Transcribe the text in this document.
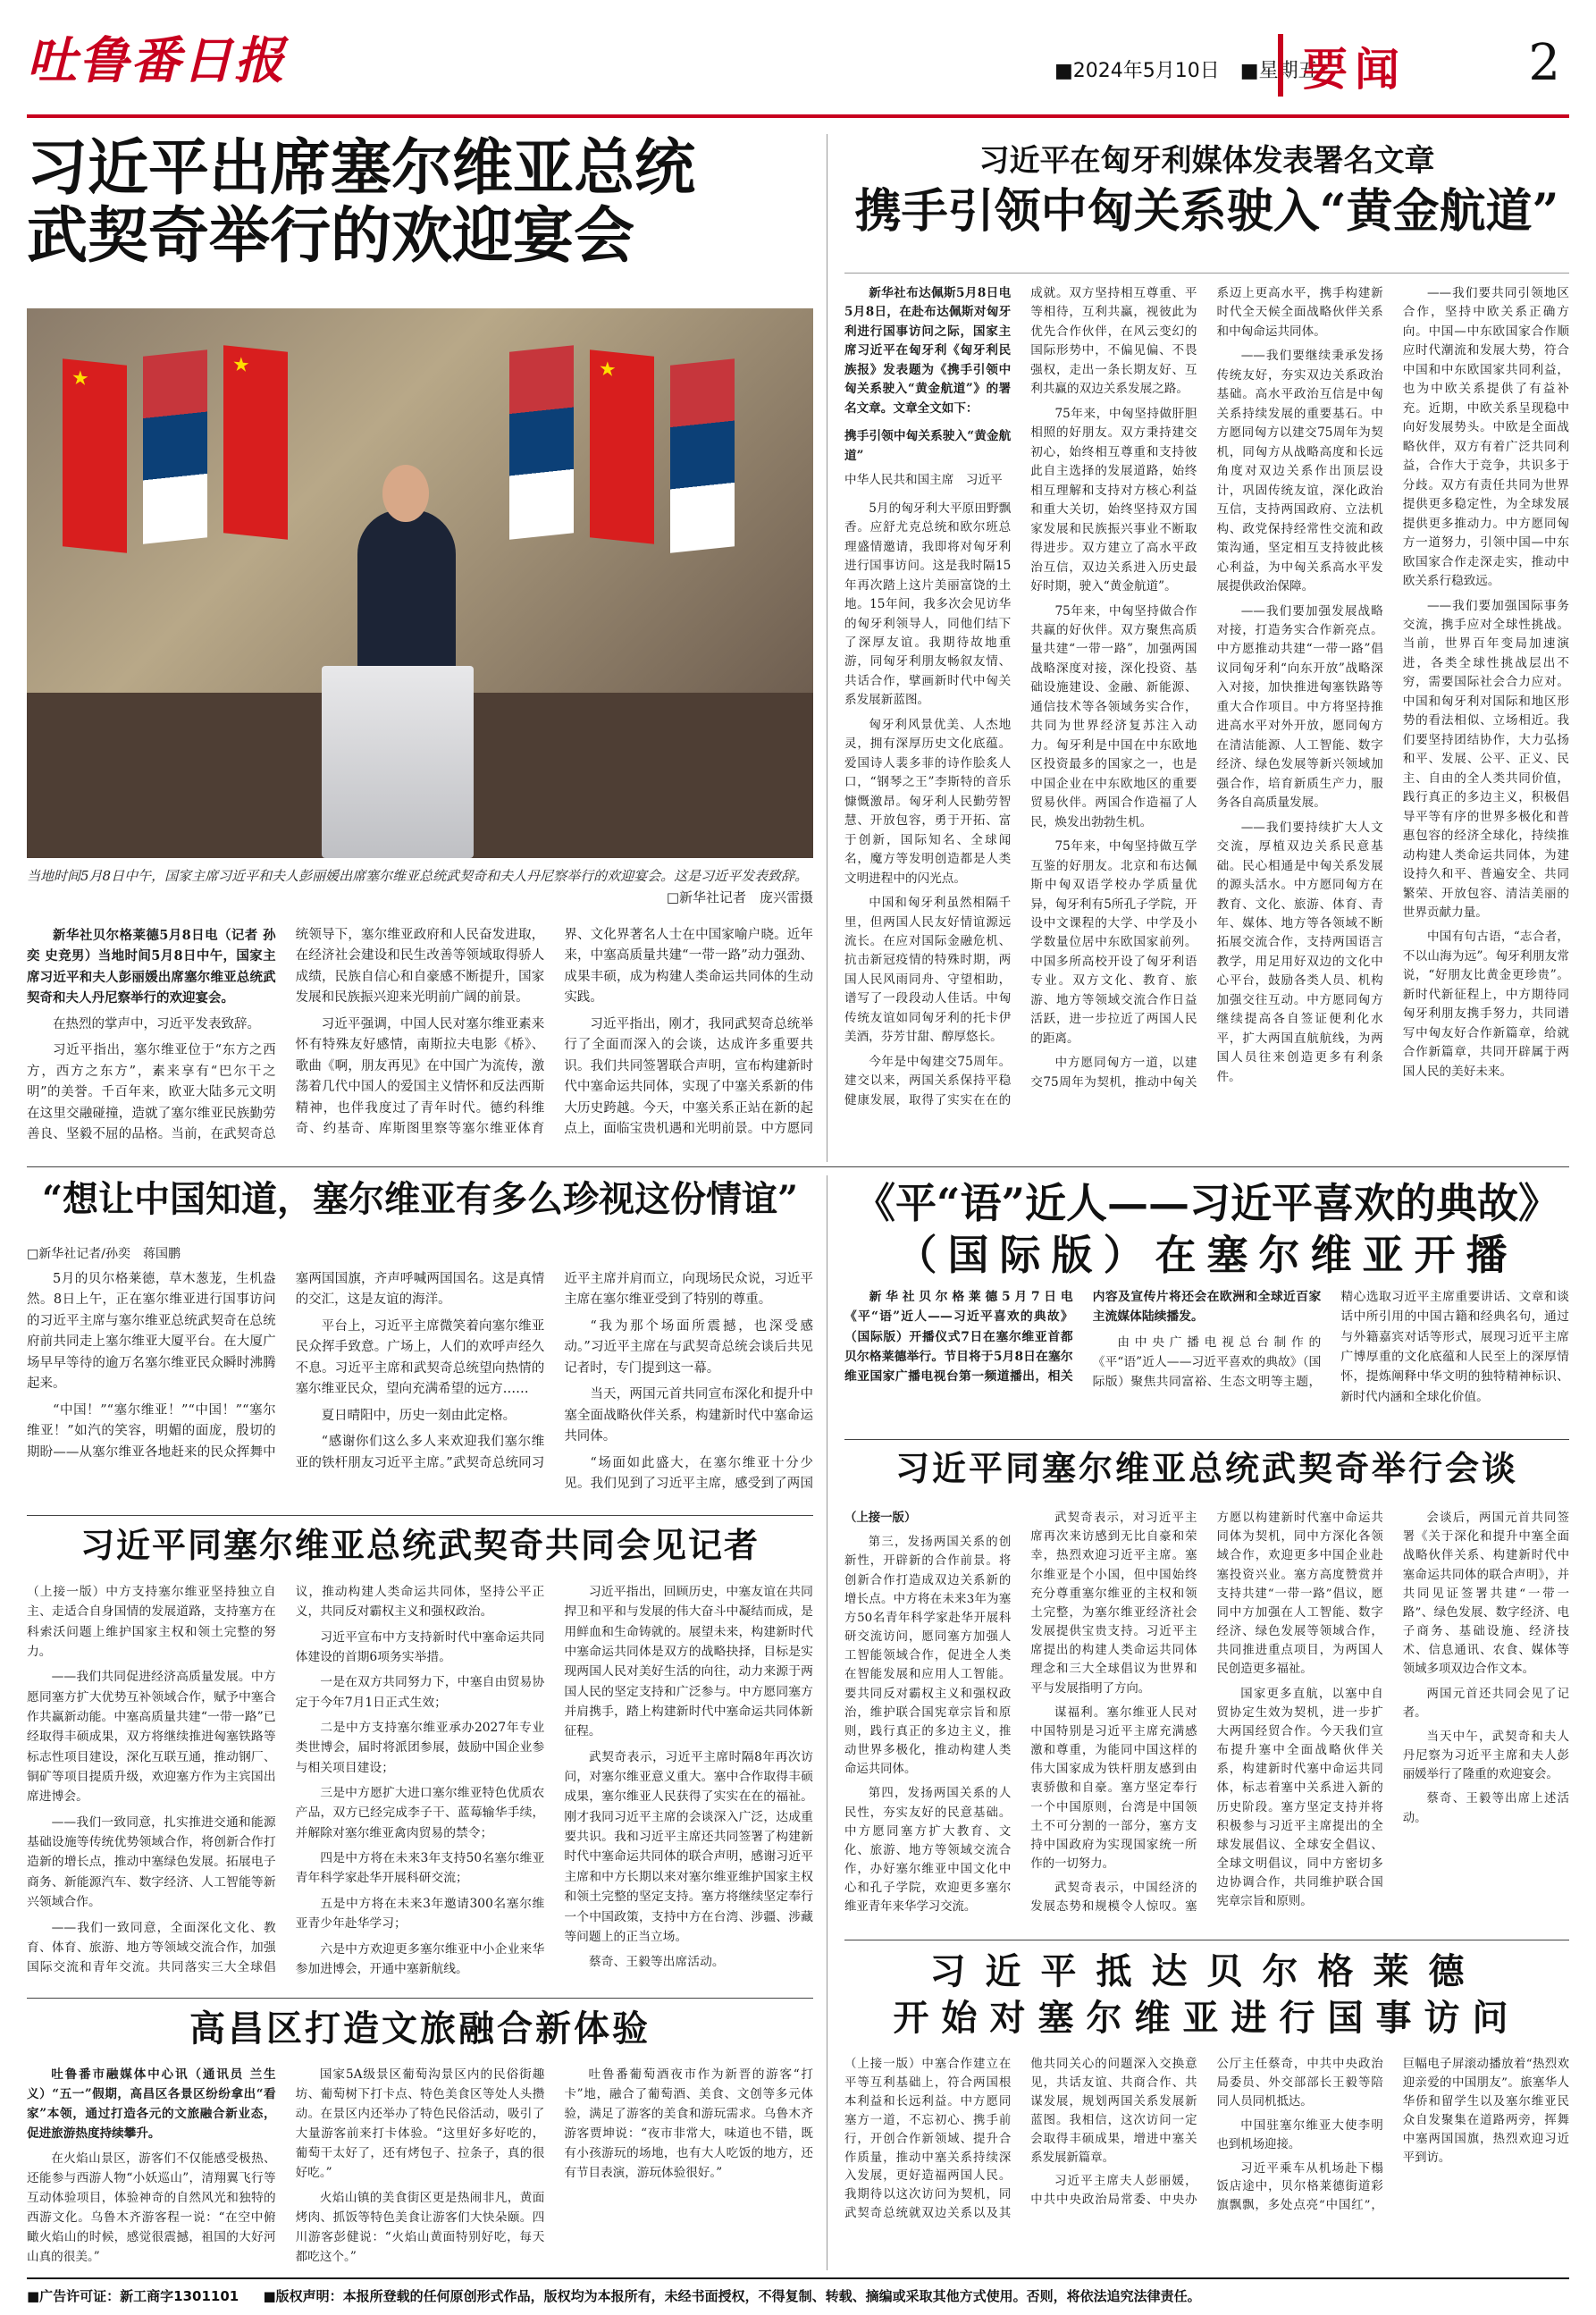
吐鲁番日报	■2024年5月10日 ■星期五
要闻 2
习近平出席塞尔维亚总统
武契奇举行的欢迎宴会
★
★	★
当地时间5月8日中午，国家主席习近平和夫人彭丽媛出席塞尔维亚总统武契奇和夫人丹尼察举行的欢迎宴会。这是习近平发表致辞。
□新华社记者　庞兴雷摄

新华社贝尔格莱德5月8日电（记者 孙奕 史竞男）当地时间5月8日中午，国家主席习近平和夫人彭丽媛出席塞尔维亚总统武契奇和夫人丹尼察举行的欢迎宴会。

在热烈的掌声中，习近平发表致辞。

习近平指出，塞尔维亚位于“东方之西方，西方之东方”，素来享有“巴尔干之明”的美誉。千百年来，欧亚大陆多元文明在这里交融碰撞，造就了塞尔维亚民族勤劳善良、坚毅不屈的品格。当前，在武契奇总统领导下，塞尔维亚政府和人民奋发进取，在经济社会建设和民生改善等领域取得骄人成绩，民族自信心和自豪感不断提升，国家发展和民族振兴迎来光明前广阔的前景。

习近平强调，中国人民对塞尔维亚素来怀有特殊友好感情，南斯拉夫电影《桥》、歌曲《啊，朋友再见》在中国广为流传，激荡着几代中国人的爱国主义情怀和反法西斯精神，也伴我度过了青年时代。德约科维奇、约基奇、库斯图里察等塞尔维亚体育界、文化界著名人士在中国家喻户晓。近年来，中塞高质量共建“一带一路”动力强劲、成果丰硕，成为构建人类命运共同体的生动实践。

习近平指出，刚才，我同武契奇总统举行了全面而深入的会谈，达成许多重要共识。我们共同签署联合声明，宣布构建新时代中塞命运共同体，实现了中塞关系新的伟大历史跨越。今天，中塞关系正站在新的起点上，面临宝贵机遇和光明前景。中方愿同

习近平在匈牙利媒体发表署名文章
携手引领中匈关系驶入“黄金航道”

新华社布达佩斯5月8日电　5月8日，在赴布达佩斯对匈牙利进行国事访问之际，国家主席习近平在匈牙利《匈牙利民族报》发表题为《携手引领中匈关系驶入“黄金航道”》的署名文章。文章全文如下：

携手引领中匈关系驶入“黄金航道”

中华人民共和国主席　习近平

5月的匈牙利大平原田野飘香。应舒尤克总统和欧尔班总理盛情邀请，我即将对匈牙利进行国事访问。这是我时隔15年再次踏上这片美丽富饶的土地。15年间，我多次会见访华的匈牙利领导人，同他们结下了深厚友谊。我期待故地重游，同匈牙利朋友畅叙友情、共话合作，擘画新时代中匈关系发展新蓝图。

匈牙利风景优美、人杰地灵，拥有深厚历史文化底蕴。爱国诗人裴多菲的诗作脍炙人口，“钢琴之王”李斯特的音乐慷慨激昂。匈牙利人民勤劳智慧、开放包容，勇于开拓、富于创新，国际知名、全球闻名，魔方等发明创造都是人类文明进程中的闪光点。

中国和匈牙利虽然相隔千里，但两国人民友好情谊源远流长。在应对国际金融危机、抗击新冠疫情的特殊时期，两国人民风雨同舟、守望相助，谱写了一段段动人佳话。中匈传统友谊如同匈牙利的托卡伊美酒，芬芳甘甜、醇厚悠长。

今年是中匈建交75周年。建交以来，两国关系保持平稳健康发展，取得了实实在在的成就。双方坚持相互尊重、平等相待，互利共赢，视彼此为优先合作伙伴，在风云变幻的国际形势中，不偏见偏、不畏强权，走出一条长期友好、互利共赢的双边关系发展之路。

75年来，中匈坚持做肝胆相照的好朋友。双方秉持建交初心，始终相互尊重和支持彼此自主选择的发展道路，始终相互理解和支持对方核心利益和重大关切，始终坚持双方国家发展和民族振兴事业不断取得进步。双方建立了高水平政治互信，双边关系进入历史最好时期，驶入“黄金航道”。

75年来，中匈坚持做合作共赢的好伙伴。双方聚焦高质量共建“一带一路”，加强两国战略深度对接，深化投资、基础设施建设、金融、新能源、通信技术等各领域务实合作，共同为世界经济复苏注入动力。匈牙利是中国在中东欧地区投资最多的国家之一，也是中国企业在中东欧地区的重要贸易伙伴。两国合作造福了人民，焕发出勃勃生机。

75年来，中匈坚持做互学互鉴的好朋友。北京和布达佩斯中匈双语学校办学质量优异，匈牙利有5所孔子学院，开设中文课程的大学、中学及小学数量位居中东欧国家前列。中国多所高校开设了匈牙利语专业。双方文化、教育、旅游、地方等领域交流合作日益活跃，进一步拉近了两国人民的距离。

中方愿同匈方一道，以建交75周年为契机，推动中匈关系迈上更高水平，携手构建新时代全天候全面战略伙伴关系和中匈命运共同体。

——我们要继续秉承发扬传统友好，夯实双边关系政治基础。高水平政治互信是中匈关系持续发展的重要基石。中方愿同匈方以建交75周年为契机，同匈方从战略高度和长远角度对双边关系作出顶层设计，巩固传统友谊，深化政治互信，支持两国政府、立法机构、政党保持经常性交流和政策沟通，坚定相互支持彼此核心利益，为中匈关系高水平发展提供政治保障。

——我们要加强发展战略对接，打造务实合作新亮点。中方愿推动共建“一带一路”倡议同匈牙利“向东开放”战略深入对接，加快推进匈塞铁路等重大合作项目。中方将坚持推进高水平对外开放，愿同匈方在清洁能源、人工智能、数字经济、绿色发展等新兴领域加强合作，培育新质生产力，服务各自高质量发展。

——我们要持续扩大人文交流，厚植双边关系民意基础。民心相通是中匈关系发展的源头活水。中方愿同匈方在教育、文化、旅游、体育、青年、媒体、地方等各领域不断拓展交流合作，支持两国语言教学，用足用好双边的文化中心平台，鼓励各类人员、机构加强交往互动。中方愿同匈方继续提高各自签证便利化水平，扩大两国直航航线，为两国人员往来创造更多有利条件。

——我们要共同引领地区合作，坚持中欧关系正确方向。中国—中东欧国家合作顺应时代潮流和发展大势，符合中国和中东欧国家共同利益，也为中欧关系提供了有益补充。近期，中欧关系呈现稳中向好发展势头。中欧是全面战略伙伴，双方有着广泛共同利益，合作大于竞争，共识多于分歧。双方有责任共同为世界提供更多稳定性，为全球发展提供更多推动力。中方愿同匈方一道努力，引领中国—中东欧国家合作走深走实，推动中欧关系行稳致远。

——我们要加强国际事务交流，携手应对全球性挑战。当前，世界百年变局加速演进，各类全球性挑战层出不穷，需要国际社会合力应对。中国和匈牙利对国际和地区形势的看法相似、立场相近。我们要坚持团结协作，大力弘扬和平、发展、公平、正义、民主、自由的全人类共同价值，践行真正的多边主义，积极倡导平等有序的世界多极化和普惠包容的经济全球化，持续推动构建人类命运共同体，为建设持久和平、普遍安全、共同繁荣、开放包容、清洁美丽的世界贡献力量。

中国有句古语，“志合者，不以山海为远”。匈牙利朋友常说，“好朋友比黄金更珍贵”。新时代新征程上，中方期待同匈牙利朋友携手努力，共同谱写中匈友好合作新篇章，给就合作新篇章，共同开辟属于两国人民的美好未来。

“想让中国知道，塞尔维亚有多么珍视这份情谊”
□新华社记者/孙奕　蒋国鹏

5月的贝尔格莱德，草木葱茏，生机盎然。8日上午，正在塞尔维亚进行国事访问的习近平主席与塞尔维亚总统武契奇在总统府前共同走上塞尔维亚大厦平台。在大厦广场早早等待的逾万名塞尔维亚民众瞬时沸腾起来。

“中国！”“塞尔维亚！”“中国！”“塞尔维亚！”如汽的笑容，明媚的面庞，殷切的期盼——从塞尔维亚各地赶来的民众挥舞中塞两国国旗，齐声呼喊两国国名。这是真情的交汇，这是友谊的海洋。

平台上，习近平主席微笑着向塞尔维亚民众挥手致意。广场上，人们的欢呼声经久不息。习近平主席和武契奇总统望向热情的塞尔维亚民众，望向充满希望的远方……

夏日晴阳中，历史一刻由此定格。

“感谢你们这么多人来欢迎我们塞尔维亚的铁杆朋友习近平主席。”武契奇总统同习近平主席并肩而立，向现场民众说，习近平主席在塞尔维亚受到了特别的尊重。

“我为那个场面所震撼，也深受感动。”习近平主席在与武契奇总统会谈后共见记者时，专门提到这一幕。

当天，两国元首共同宣布深化和提升中塞全面战略伙伴关系，构建新时代中塞命运共同体。

“场面如此盛大，在塞尔维亚十分少见。我们见到了习近平主席，感受到了两国

《平“语”近人——习近平喜欢的典故》
（国际版）在塞尔维亚开播

新华社贝尔格莱德5月7日电　《平“语”近人——习近平喜欢的典故》（国际版）开播仪式7日在塞尔维亚首都贝尔格莱德举行。节目将于5月8日在塞尔维亚国家广播电视台第一频道播出，相关内容及宣传片将还会在欧洲和全球近百家主流媒体陆续播发。

由中央广播电视总台制作的《平“语”近人——习近平喜欢的典故》（国际版）聚焦共同富裕、生态文明等主题，精心选取习近平主席重要讲话、文章和谈话中所引用的中国古籍和经典名句，通过与外籍嘉宾对话等形式，展现习近平主席广博厚重的文化底蕴和人民至上的深厚情怀，提炼阐释中华文明的独特精神标识、新时代内涵和全球化价值。

习近平同塞尔维亚总统武契奇共同会见记者

（上接一版）中方支持塞尔维亚坚持独立自主、走适合自身国情的发展道路，支持塞方在科索沃问题上维护国家主权和领土完整的努力。

——我们共同促进经济高质量发展。中方愿同塞方扩大优势互补领域合作，赋予中塞合作共赢新动能。中塞高质量共建“一带一路”已经取得丰硕成果，双方将继续推进匈塞铁路等标志性项目建设，深化互联互通，推动钢厂、铜矿等项目提质升级，欢迎塞方作为主宾国出席进博会。

——我们一致同意，扎实推进交通和能源基础设施等传统优势领域合作，将创新合作打造新的增长点，推动中塞绿色发展。拓展电子商务、新能源汽车、数字经济、人工智能等新兴领域合作。

——我们一致同意，全面深化文化、教育、体育、旅游、地方等领域交流合作，加强国际交流和青年交流。共同落实三大全球倡议，推动构建人类命运共同体，坚持公平正义，共同反对霸权主义和强权政治。

习近平宣布中方支持新时代中塞命运共同体建设的首期6项务实举措。

一是在双方共同努力下，中塞自由贸易协定于今年7月1日正式生效；

二是中方支持塞尔维亚承办2027年专业类世博会，届时将派团参展，鼓励中国企业参与相关项目建设；

三是中方愿扩大进口塞尔维亚特色优质农产品，双方已经完成李子干、蓝莓输华手续，并解除对塞尔维亚禽肉贸易的禁令；

四是中方将在未来3年支持50名塞尔维亚青年科学家赴华开展科研交流；

五是中方将在未来3年邀请300名塞尔维亚青少年赴华学习；

六是中方欢迎更多塞尔维亚中小企业来华参加进博会，开通中塞新航线。

习近平指出，回顾历史，中塞友谊在共同捍卫和平和与发展的伟大奋斗中凝结而成，是用鲜血和生命铸就的。展望未来，构建新时代中塞命运共同体是双方的战略抉择，目标是实现两国人民对美好生活的向往，动力来源于两国人民的坚定支持和广泛参与。中方愿同塞方并肩携手，踏上构建新时代中塞命运共同体新征程。

武契奇表示，习近平主席时隔8年再次访问，对塞尔维亚意义重大。塞中合作取得丰硕成果，塞尔维亚人民获得了实实在在的福祉。刚才我同习近平主席的会谈深入广泛，达成重要共识。我和习近平主席还共同签署了构建新时代中塞命运共同体的联合声明，感谢习近平主席和中方长期以来对塞尔维亚维护国家主权和领土完整的坚定支持。塞方将继续坚定奉行一个中国政策，支持中方在台湾、涉疆、涉藏等问题上的正当立场。

蔡奇、王毅等出席活动。

习近平同塞尔维亚总统武契奇举行会谈

（上接一版）

第三，发扬两国关系的创新性，开辟新的合作前景。将创新合作打造成双边关系新的增长点。中方将在未来3年为塞方50名青年科学家赴华开展科研交流访问，愿同塞方加强人工智能领域合作，促进全人类在智能发展和应用人工智能。要共同反对霸权主义和强权政治，维护联合国宪章宗旨和原则，践行真正的多边主义，推动世界多极化，推动构建人类命运共同体。

第四，发扬两国关系的人民性，夯实友好的民意基础。中方愿同塞方扩大教育、文化、旅游、地方等领域交流合作，办好塞尔维亚中国文化中心和孔子学院，欢迎更多塞尔维亚青年来华学习交流。

武契奇表示，对习近平主席再次来访感到无比自豪和荣幸，热烈欢迎习近平主席。塞尔维亚是个小国，但中国始终充分尊重塞尔维亚的主权和领土完整，为塞尔维亚经济社会发展提供宝贵支持。习近平主席提出的构建人类命运共同体理念和三大全球倡议为世界和平与发展指明了方向。

谋福利。塞尔维亚人民对中国特别是习近平主席充满感激和尊重，为能同中国这样的伟大国家成为铁杆朋友感到由衷骄傲和自豪。塞方坚定奉行一个中国原则，台湾是中国领土不可分割的一部分，塞方支持中国政府为实现国家统一所作的一切努力。

武契奇表示，中国经济的发展态势和规模令人惊叹。塞方愿以构建新时代塞中命运共同体为契机，同中方深化各领域合作，欢迎更多中国企业赴塞投资兴业。塞方高度赞赏并支持共建“一带一路”倡议，愿同中方加强在人工智能、数字经济、绿色发展等领域合作，共同推进重点项目，为两国人民创造更多福祉。

国家更多直航，以塞中自贸协定生效为契机，进一步扩大两国经贸合作。今天我们宣布提升塞中全面战略伙伴关系，构建新时代塞中命运共同体，标志着塞中关系进入新的历史阶段。塞方坚定支持并将积极参与习近平主席提出的全球发展倡议、全球安全倡议、全球文明倡议，同中方密切多边协调合作，共同维护联合国宪章宗旨和原则。

会谈后，两国元首共同签署《关于深化和提升中塞全面战略伙伴关系、构建新时代中塞命运共同体的联合声明》，并共同见证签署共建“一带一路”、绿色发展、数字经济、电子商务、基础设施、经济技术、信息通讯、农食、媒体等领域多项双边合作文本。

两国元首还共同会见了记者。

当天中午，武契奇和夫人丹尼察为习近平主席和夫人彭丽媛举行了隆重的欢迎宴会。

蔡奇、王毅等出席上述活动。

习近平抵达贝尔格莱德
开始对塞尔维亚进行国事访问

（上接一版）中塞合作建立在平等互利基础上，符合两国根本利益和长远利益。中方愿同塞方一道，不忘初心、携手前行，开创合作新领域、提升合作质量，推动中塞关系持续深入发展，更好造福两国人民。我期待以这次访问为契机，同武契奇总统就双边关系以及其他共同关心的问题深入交换意见，共话友谊、共商合作、共谋发展，规划两国关系发展新蓝图。我相信，这次访问一定会取得丰硕成果，增进中塞关系发展新篇章。

习近平主席夫人彭丽媛，中共中央政治局常委、中央办公厅主任蔡奇，中共中央政治局委员、外交部部长王毅等陪同人员同机抵达。

中国驻塞尔维亚大使李明也到机场迎接。

习近平乘车从机场赴下榻饭店途中，贝尔格莱德街道彩旗飘飘，多处点亮“中国红”，巨幅电子屏滚动播放着“热烈欢迎亲爱的中国朋友”。旅塞华人华侨和留学生以及塞尔维亚民众自发聚集在道路两旁，挥舞中塞两国国旗，热烈欢迎习近平到访。

高昌区打造文旅融合新体验

吐鲁番市融媒体中心讯（通讯员 兰生义）“五一”假期，高昌区各景区纷纷拿出“看家”本领，通过打造各元的文旅融合新业态，促进旅游热度持续攀升。

在火焰山景区，游客们不仅能感受极热、还能参与西游人物“小妖巡山”，清翔翼飞行等互动体验项目，体验神奇的自然风光和独特的西游文化。乌鲁木齐游客程一说：“在空中俯瞰火焰山的时候，感觉很震撼，祖国的大好河山真的很美。”

国家5A级景区葡萄沟景区内的民俗街趣坊、葡萄树下打卡点、特色美食区等处人头攒动。在景区内还举办了特色民俗活动，吸引了大量游客前来打卡体验。“这里好多好吃的，葡萄干太好了，还有烤包子、拉条子，真的很好吃。”

火焰山镇的美食街区更是热闹非凡，黄面烤肉、抓饭等特色美食让游客们大快朵颐。四川游客彭健说：“火焰山黄面特别好吃，每天都吃这个。”

吐鲁番葡萄酒夜市作为新晋的游客“打卡”地，融合了葡萄酒、美食、文创等多元体验，满足了游客的美食和游玩需求。乌鲁木齐游客贾坤说：“夜市非常大，味道也不错，既有小孩游玩的场地，也有大人吃饭的地方，还有节目表演，游玩体验很好。”

■广告许可证：新工商字1301101 ■版权声明：本报所登载的任何原创形式作品，版权均为本报所有，未经书面授权，不得复制、转载、摘编或采取其他方式使用。否则，将依法追究法律责任。
